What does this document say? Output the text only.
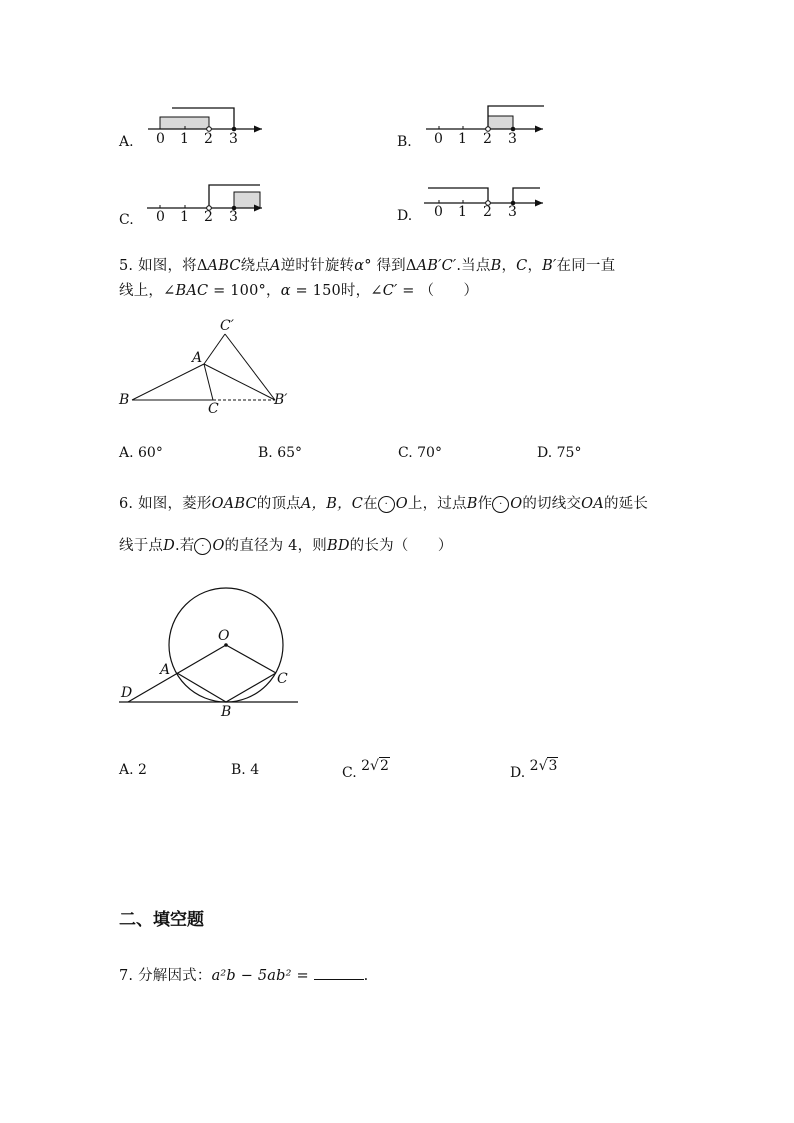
0 1 2 3
A.	0 1 2 3
B.
0 1 2 3
C.	0 1 2 3
D.
5. 如图，将ΔABC绕点A逆时针旋转α° 得到ΔAB′C′.当点B，C，B′在同一直
线上，∠BAC = 100°，α = 150时，∠C′ = （　　）
C′
A
B
C
B′
A. 60°	B. 65°	C. 70°	D. 75°
6. 如图，菱形OABC的顶点A，B，C在 · O上，过点B作 · O的切线交OA的延长
线于点D.若 · O的直径为 4，则BD的长为（　　）
O
A
C
D
B
A. 2	B. 4	C. 2√2	D. 2√3
二、填空题
7. 分解因式：a²b − 5ab² =	.
